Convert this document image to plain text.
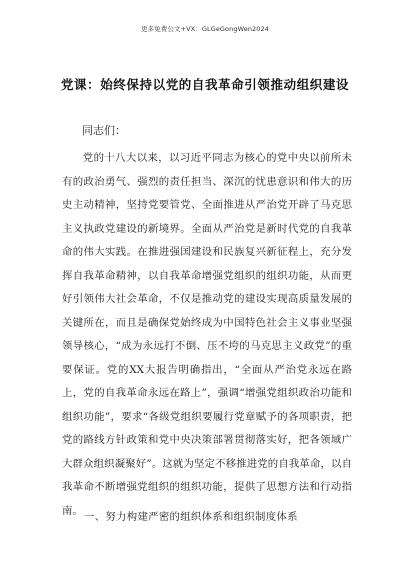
更多免费公文+VX：GLGeGongWen2024
党课：始终保持以党的自我革命引领推动组织建设
同志们：

党的十八大以来，以习近平同志为核心的党中央以前所未有的政治勇气、强烈的责任担当、深沉的忧患意识和伟大的历史主动精神，坚持党要管党、全面推进从严治党开辟了马克思主义执政党建设的新境界。全面从严治党是新时代党的自我革命的伟大实践。在推进强国建设和民族复兴新征程上，充分发挥自我革命精神，以自我革命增强党组织的组织功能，从而更好引领伟大社会革命，不仅是推动党的建设实现高质量发展的关键所在，而且是确保党始终成为中国特色社会主义事业坚强领导核心，“成为永远打不倒、压不垮的马克思主义政党”的重要保证。党的XX大报告明确指出，“全面从严治党永远在路上，党的自我革命永远在路上”，强调“增强党组织政治功能和组织功能”，要求“各级党组织要履行党章赋予的各项职责，把党的路线方针政策和党中央决策部署贯彻落实好，把各领域广大群众组织凝聚好”。这就为坚定不移推进党的自我革命，以自我革命不断增强党组织的组织功能，提供了思想方法和行动指南。

一、努力构建严密的组织体系和组织制度体系
